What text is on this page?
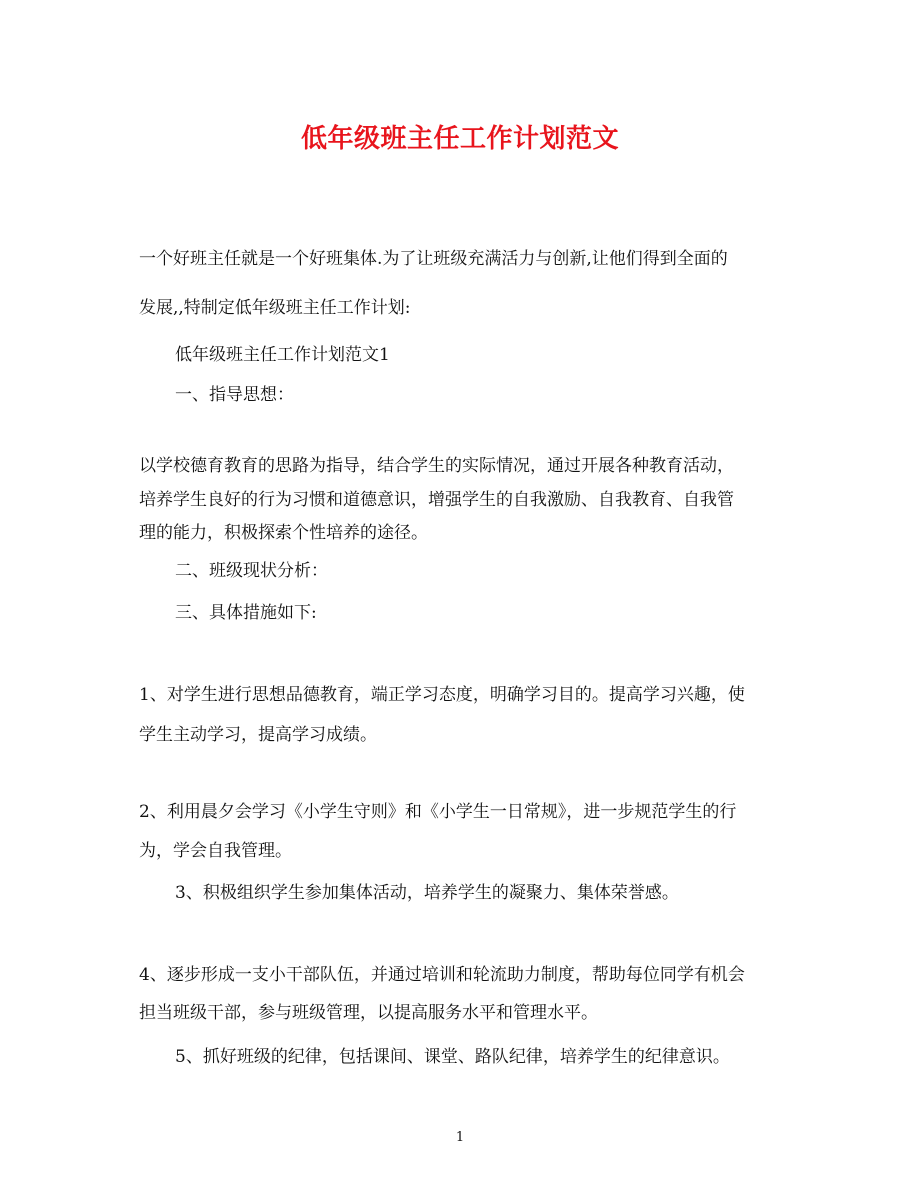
低年级班主任工作计划范文

一个好班主任就是一个好班集体.为了让班级充满活力与创新,让他们得到全面的

发展,,特制定低年级班主任工作计划:

低年级班主任工作计划范文1

一、指导思想：

以学校德育教育的思路为指导，结合学生的实际情况，通过开展各种教育活动，

培养学生良好的行为习惯和道德意识，增强学生的自我激励、自我教育、自我管

理的能力，积极探索个性培养的途径。

二、班级现状分析：

三、具体措施如下:

1、对学生进行思想品德教育，端正学习态度，明确学习目的。提高学习兴趣，使

学生主动学习，提高学习成绩。

2、利用晨夕会学习《小学生守则》和《小学生一日常规》，进一步规范学生的行

为，学会自我管理。

3、积极组织学生参加集体活动，培养学生的凝聚力、集体荣誉感。

4、逐步形成一支小干部队伍，并通过培训和轮流助力制度，帮助每位同学有机会

担当班级干部，参与班级管理，以提高服务水平和管理水平。

5、抓好班级的纪律，包括课间、课堂、路队纪律，培养学生的纪律意识。

1
